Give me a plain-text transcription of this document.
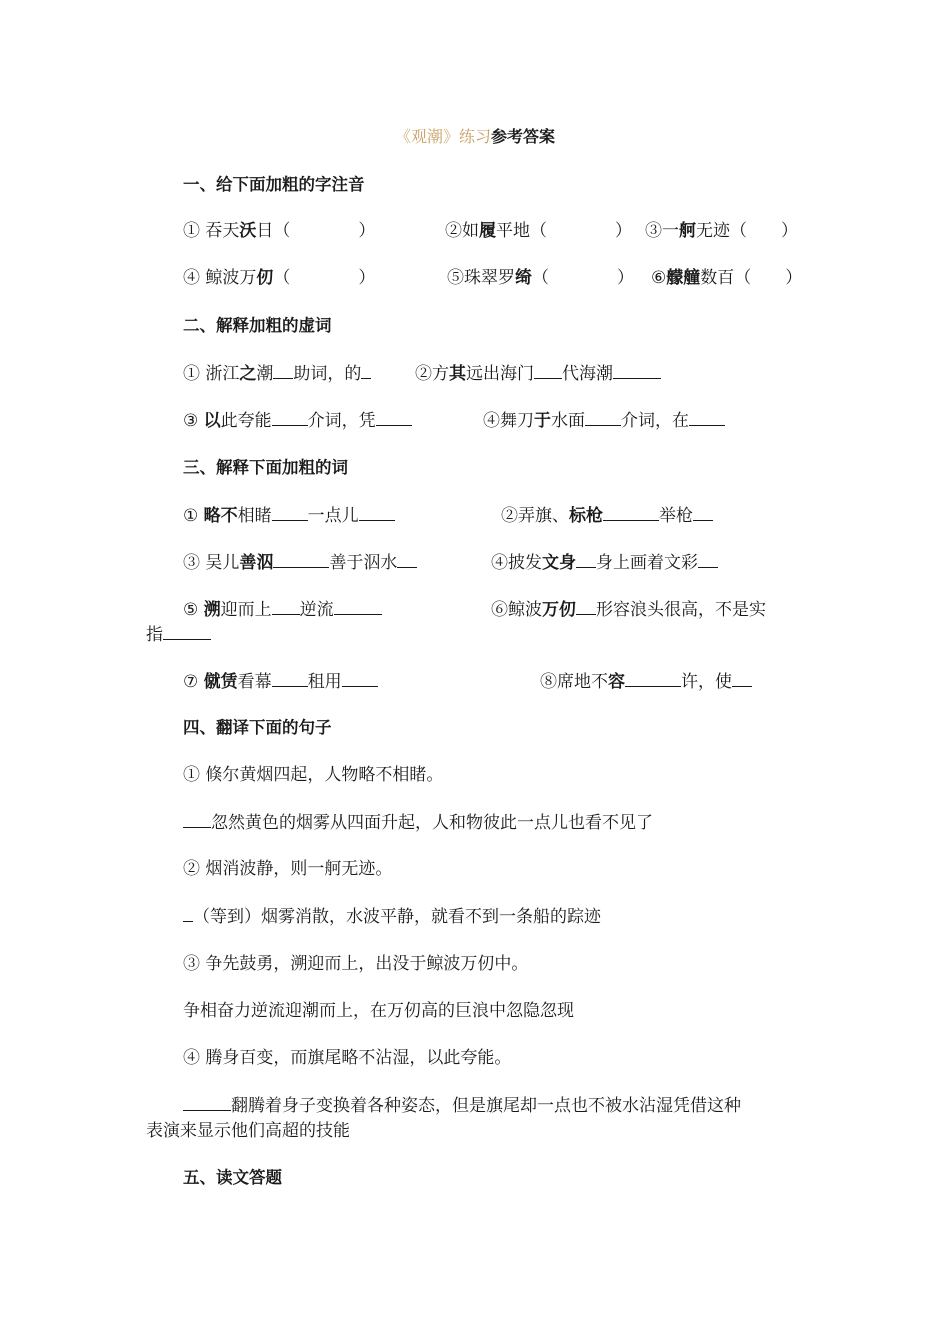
《观潮》练习参考答案
一、给下面加粗的字注音
① 吞天沃日（　　　　）	②如履平地（　　　　） ③一舸无迹（　　）
④ 鲸波万仞（　　　　）	⑤珠翠罗绮（　　　　） ⑥艨艟数百（　　）
二、解释加粗的虚词
① 浙江之潮 助词，的	②方其远出海门 代海潮
③ 以此夸能 介词，凭	④舞刀于水面 介词，在
三、解释下面加粗的词
① 略不相睹 一点儿	②弄旗、标枪	举枪
③ 吴儿善泅	善于泅水	④披发文身 身上画着文彩
⑤ 溯迎而上 逆流	⑥鲸波万仞 形容浪头很高，不是实
指
⑦ 僦赁看幕 租用	⑧席地不容	许，使
四、翻译下面的句子
① 倏尔黄烟四起，人物略不相睹。
忽然黄色的烟雾从四面升起，人和物彼此一点儿也看不见了
② 烟消波静，则一舸无迹。
（等到）烟雾消散，水波平静，就看不到一条船的踪迹
③ 争先鼓勇，溯迎而上，出没于鲸波万仞中。
争相奋力逆流迎潮而上，在万仞高的巨浪中忽隐忽现
④ 腾身百变，而旗尾略不沾湿，以此夸能。
翻腾着身子变换着各种姿态，但是旗尾却一点也不被水沾湿凭借这种
表演来显示他们高超的技能
五、读文答题
